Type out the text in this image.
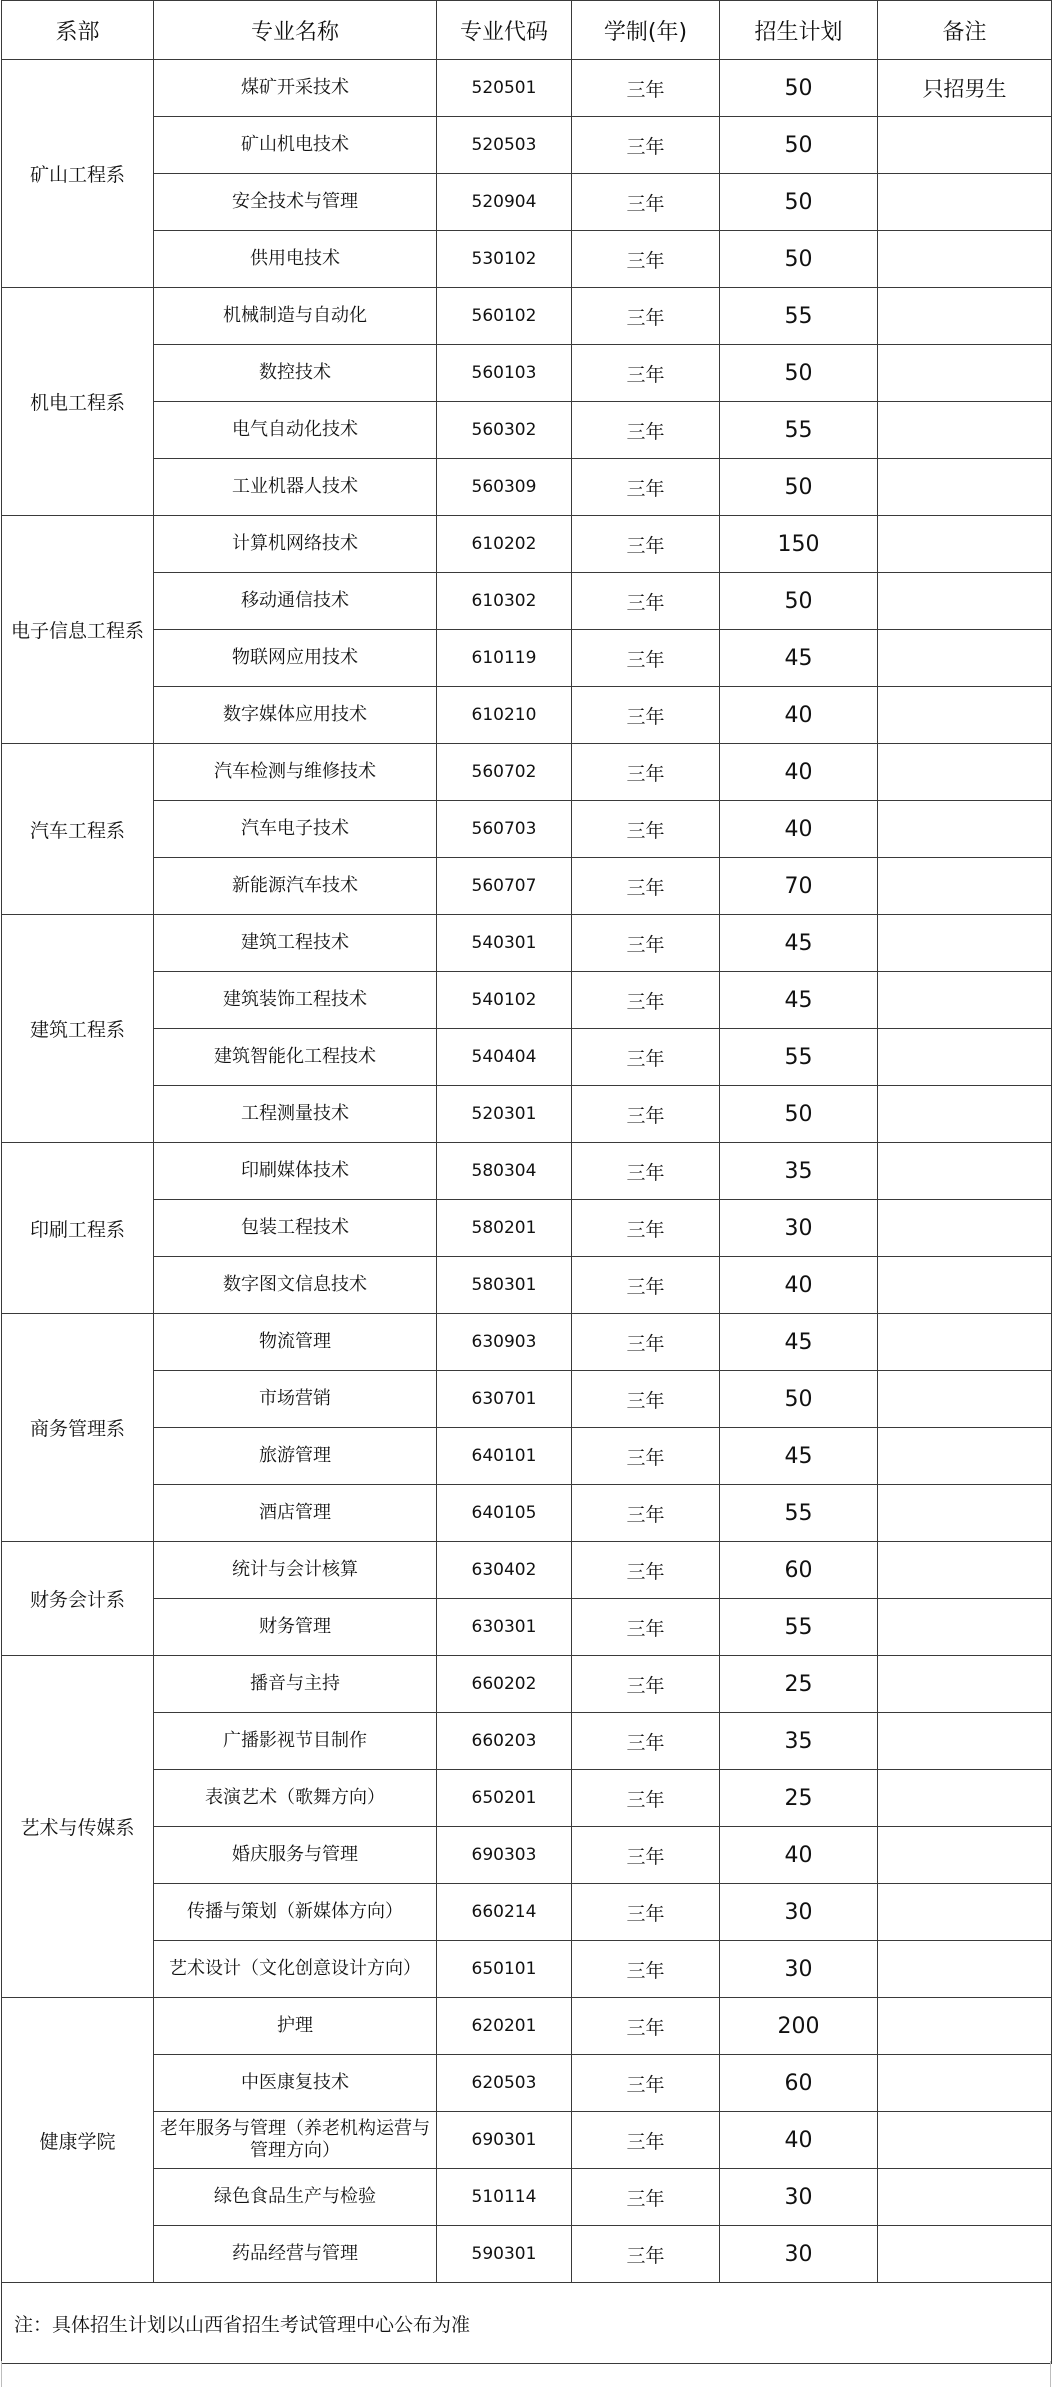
系部	专业名称	专业代码	学制(年)	招生计划	备注
矿山工程系	煤矿开采技术	520501	三年	50	只招男生
	矿山机电技术	520503	三年	50	
	安全技术与管理	520904	三年	50	
	供用电技术	530102	三年	50	
机电工程系	机械制造与自动化	560102	三年	55	
	数控技术	560103	三年	50	
	电气自动化技术	560302	三年	55	
	工业机器人技术	560309	三年	50	
电子信息工程系	计算机网络技术	610202	三年	150	
	移动通信技术	610302	三年	50	
	物联网应用技术	610119	三年	45	
	数字媒体应用技术	610210	三年	40	
汽车工程系	汽车检测与维修技术	560702	三年	40	
	汽车电子技术	560703	三年	40	
	新能源汽车技术	560707	三年	70	
建筑工程系	建筑工程技术	540301	三年	45	
	建筑装饰工程技术	540102	三年	45	
	建筑智能化工程技术	540404	三年	55	
	工程测量技术	520301	三年	50	
印刷工程系	印刷媒体技术	580304	三年	35	
	包装工程技术	580201	三年	30	
	数字图文信息技术	580301	三年	40	
商务管理系	物流管理	630903	三年	45	
	市场营销	630701	三年	50	
	旅游管理	640101	三年	45	
	酒店管理	640105	三年	55	
财务会计系	统计与会计核算	630402	三年	60	
	财务管理	630301	三年	55	
艺术与传媒系	播音与主持	660202	三年	25	
	广播影视节目制作	660203	三年	35	
	表演艺术（歌舞方向）	650201	三年	25	
	婚庆服务与管理	690303	三年	40	
	传播与策划（新媒体方向）	660214	三年	30	
	艺术设计（文化创意设计方向）	650101	三年	30	
健康学院	护理	620201	三年	200	
	中医康复技术	620503	三年	60	
	老年服务与管理（养老机构运营与管理方向）	690301	三年	40	
	绿色食品生产与检验	510114	三年	30	
	药品经营与管理	590301	三年	30	
注：具体招生计划以山西省招生考试管理中心公布为准					
